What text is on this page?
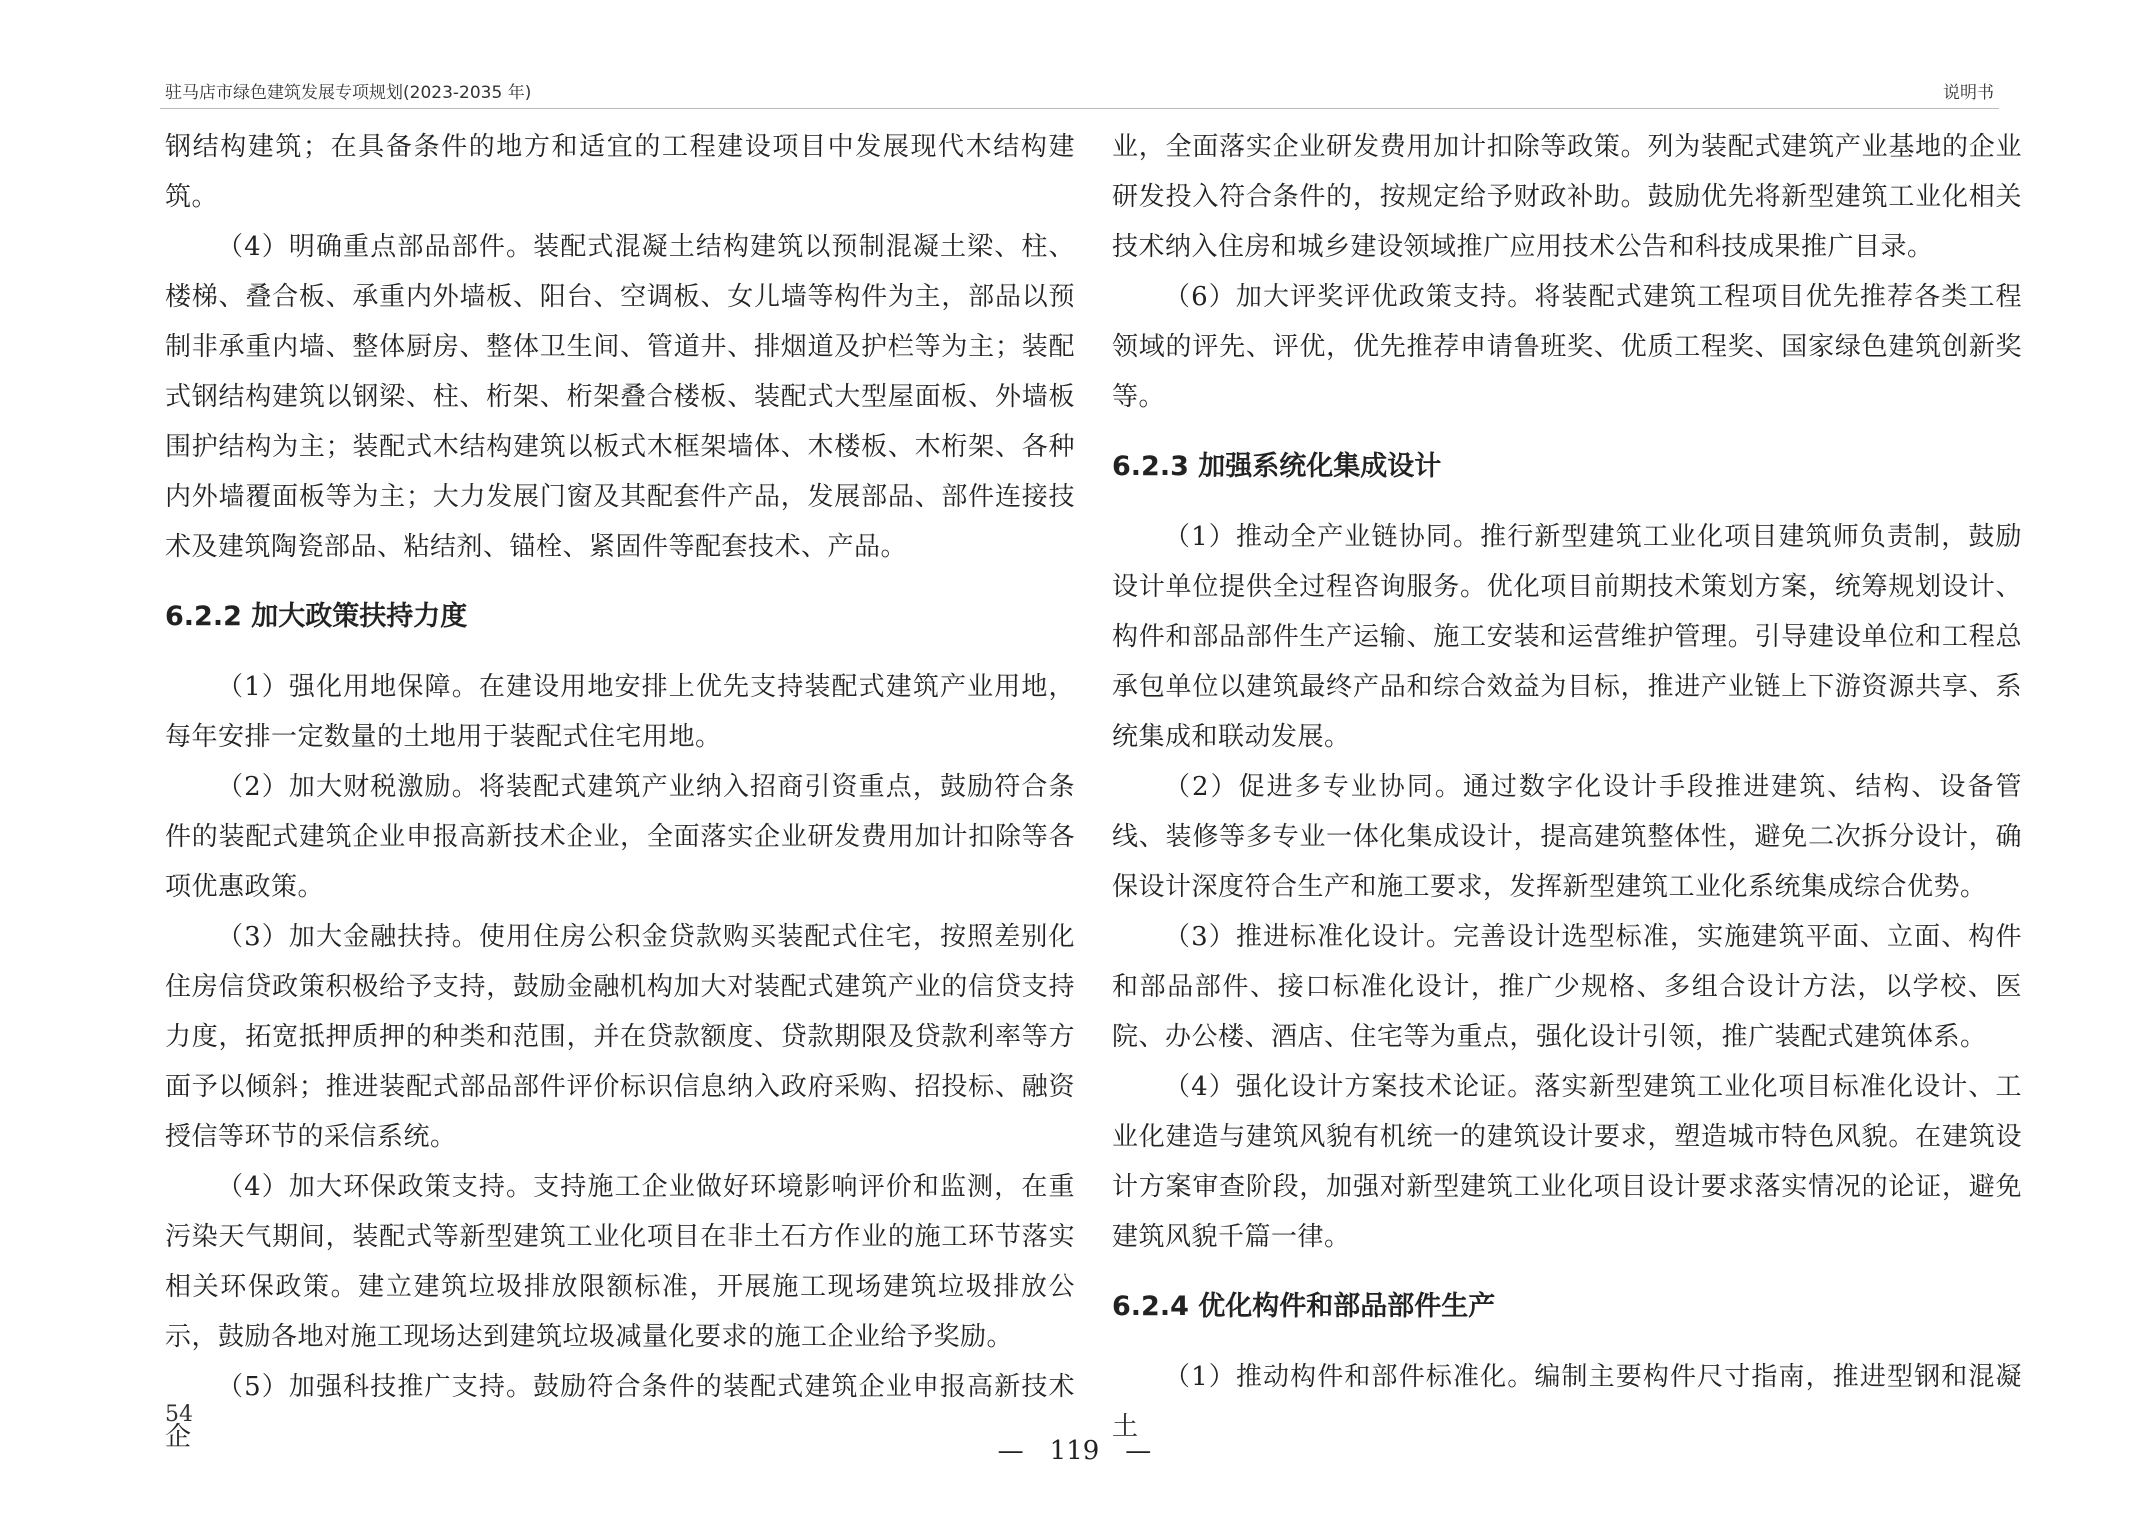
驻马店市绿色建筑发展专项规划(2023-2035 年)	说明书

钢结构建筑；在具备条件的地方和适宜的工程建设项目中发展现代木结构建筑。

（4）明确重点部品部件。装配式混凝土结构建筑以预制混凝土梁、柱、楼梯、叠合板、承重内外墙板、阳台、空调板、女儿墙等构件为主，部品以预制非承重内墙、整体厨房、整体卫生间、管道井、排烟道及护栏等为主；装配式钢结构建筑以钢梁、柱、桁架、桁架叠合楼板、装配式大型屋面板、外墙板围护结构为主；装配式木结构建筑以板式木框架墙体、木楼板、木桁架、各种内外墙覆面板等为主；大力发展门窗及其配套件产品，发展部品、部件连接技术及建筑陶瓷部品、粘结剂、锚栓、紧固件等配套技术、产品。

6.2.2 加大政策扶持力度

（1）强化用地保障。在建设用地安排上优先支持装配式建筑产业用地，每年安排一定数量的土地用于装配式住宅用地。

（2）加大财税激励。将装配式建筑产业纳入招商引资重点，鼓励符合条件的装配式建筑企业申报高新技术企业，全面落实企业研发费用加计扣除等各项优惠政策。

（3）加大金融扶持。使用住房公积金贷款购买装配式住宅，按照差别化住房信贷政策积极给予支持，鼓励金融机构加大对装配式建筑产业的信贷支持力度，拓宽抵押质押的种类和范围，并在贷款额度、贷款期限及贷款利率等方面予以倾斜；推进装配式部品部件评价标识信息纳入政府采购、招投标、融资授信等环节的采信系统。

（4）加大环保政策支持。支持施工企业做好环境影响评价和监测，在重污染天气期间，装配式等新型建筑工业化项目在非土石方作业的施工环节落实相关环保政策。建立建筑垃圾排放限额标准，开展施工现场建筑垃圾排放公示，鼓励各地对施工现场达到建筑垃圾减量化要求的施工企业给予奖励。

（5）加强科技推广支持。鼓励符合条件的装配式建筑企业申报高新技术企

业，全面落实企业研发费用加计扣除等政策。列为装配式建筑产业基地的企业研发投入符合条件的，按规定给予财政补助。鼓励优先将新型建筑工业化相关技术纳入住房和城乡建设领域推广应用技术公告和科技成果推广目录。

（6）加大评奖评优政策支持。将装配式建筑工程项目优先推荐各类工程领域的评先、评优，优先推荐申请鲁班奖、优质工程奖、国家绿色建筑创新奖等。

6.2.3 加强系统化集成设计

（1）推动全产业链协同。推行新型建筑工业化项目建筑师负责制，鼓励设计单位提供全过程咨询服务。优化项目前期技术策划方案，统筹规划设计、构件和部品部件生产运输、施工安装和运营维护管理。引导建设单位和工程总承包单位以建筑最终产品和综合效益为目标，推进产业链上下游资源共享、系统集成和联动发展。

（2）促进多专业协同。通过数字化设计手段推进建筑、结构、设备管线、装修等多专业一体化集成设计，提高建筑整体性，避免二次拆分设计，确保设计深度符合生产和施工要求，发挥新型建筑工业化系统集成综合优势。

（3）推进标准化设计。完善设计选型标准，实施建筑平面、立面、构件和部品部件、接口标准化设计，推广少规格、多组合设计方法，以学校、医院、办公楼、酒店、住宅等为重点，强化设计引领，推广装配式建筑体系。

（4）强化设计方案技术论证。落实新型建筑工业化项目标准化设计、工业化建造与建筑风貌有机统一的建筑设计要求，塑造城市特色风貌。在建筑设计方案审查阶段，加强对新型建筑工业化项目设计要求落实情况的论证，避免建筑风貌千篇一律。

6.2.4 优化构件和部品部件生产

（1）推动构件和部件标准化。编制主要构件尺寸指南，推进型钢和混凝土

54
—　119　—
